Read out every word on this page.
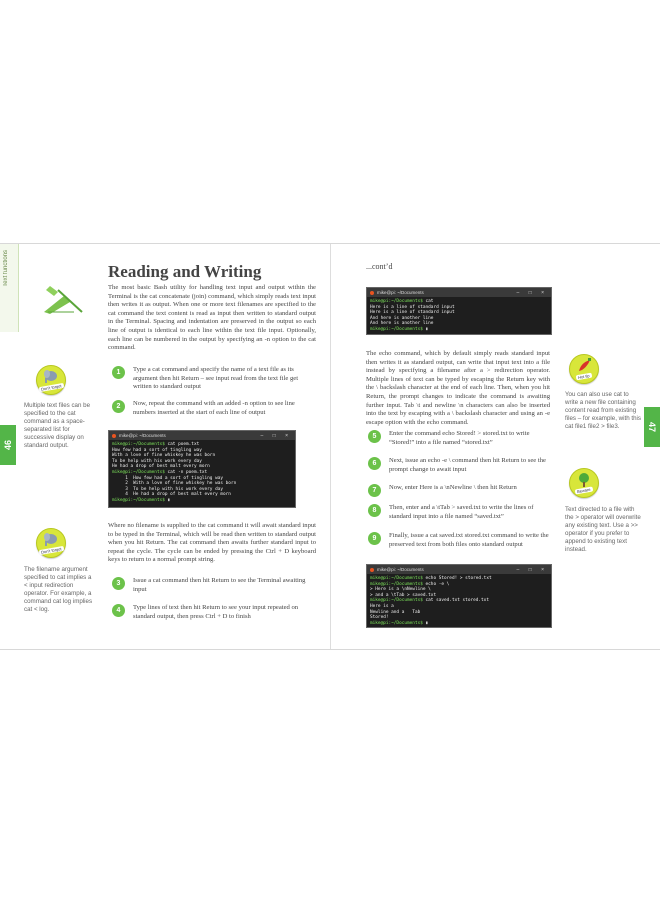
Text functions
46
47
Reading and Writing	...cont’d
The most basic Bash utility for handling text input and output within the Terminal is the cat concatenate (join) command, which simply reads text input then writes it as output. When one or more text filenames are specified to the cat command the text content is read as input then written to standard output in the Terminal. Spacing and indentation are preserved in the output so each line of output is identical to each line within the text file input. Optionally, each line can be numbered in the output by specifying an -n option to the cat command.
1	Type a cat command and specify the name of a text file as its argument then hit Return – see input read from the text file get written to standard output
2	Now, repeat the command with an added -n option to see line numbers inserted at the start of each line of output
mike@pi: ~/Documents	– □ ×
mike@pi:~/Documents$ cat poem.txt
How few had a sort of tingling way
With a love of fine whiskey he was born
To be help with his work every day
He had a drop of best malt every morn
mike@pi:~/Documents$ cat -n poem.txt
1  How few had a sort of tingling way
2  With a love of fine whiskey he was born
3  To be help with his work every day
4  He had a drop of best malt every morn
mike@pi:~/Documents$ ▮
Where no filename is supplied to the cat command it will await standard input to be typed in the Terminal, which will be read then written to standard output when you hit Return. The cat command then awaits further standard input to repeat the cycle. The cycle can be ended by pressing the Ctrl + D keyboard keys to return to a normal prompt string.
3	Issue a cat command then hit Return to see the Terminal awaiting input
4	Type lines of text then hit Return to see your input repeated on standard output, then press Ctrl + D to finish
Don’t forget
Multiple text files can be specified to the cat command as a space-separated list for successive display on standard output.
Don’t forget
The filename argument specified to cat implies a < input redirection operator. For example, a command cat log implies cat < log.
mike@pi: ~/Documents	– □ ×
mike@pi:~/Documents$ cat
Here is a line of standard input
Here is a line of standard input
And here is another line
And here is another line
mike@pi:~/Documents$ ▮
The echo command, which by default simply reads standard input then writes it as standard output, can write that input text into a file instead by specifying a filename after a > redirection operator. Multiple lines of text can be typed by escaping the Return key with the \ backslash character at the end of each line. Then, when you hit Return, the prompt changes to indicate the command is awaiting further input. Tab \t and newline \n characters can also be inserted into the text by escaping with a \ backslash character and using an -e escape option with the echo command.
5	Enter the command echo Stored! > stored.txt to write “Stored!” into a file named “stored.txt”
6	Next, issue an echo -e \ command then hit Return to see the prompt change to await input
7	Now, enter Here is a \nNewline \ then hit Return
8	Then, enter and a \tTab > saved.txt to write the lines of standard input into a file named “saved.txt”
9	Finally, issue a cat saved.txt stored.txt command to write the preserved text from both files onto standard output
mike@pi: ~/Documents	– □ ×
mike@pi:~/Documents$ echo Stored! > stored.txt
mike@pi:~/Documents$ echo -e \
> Here is a \nNewline \
> and a \tTab > saved.txt
mike@pi:~/Documents$ cat saved.txt stored.txt
Here is a
Newline and a   Tab
Stored!
mike@pi:~/Documents$ ▮
Hot tip
You can also use cat to write a new file containing content read from existing files – for example, with this cat file1 file2 > file3.
Beware
Text directed to a file with the > operator will overwrite any existing text. Use a >> operator if you prefer to append to existing text instead.
